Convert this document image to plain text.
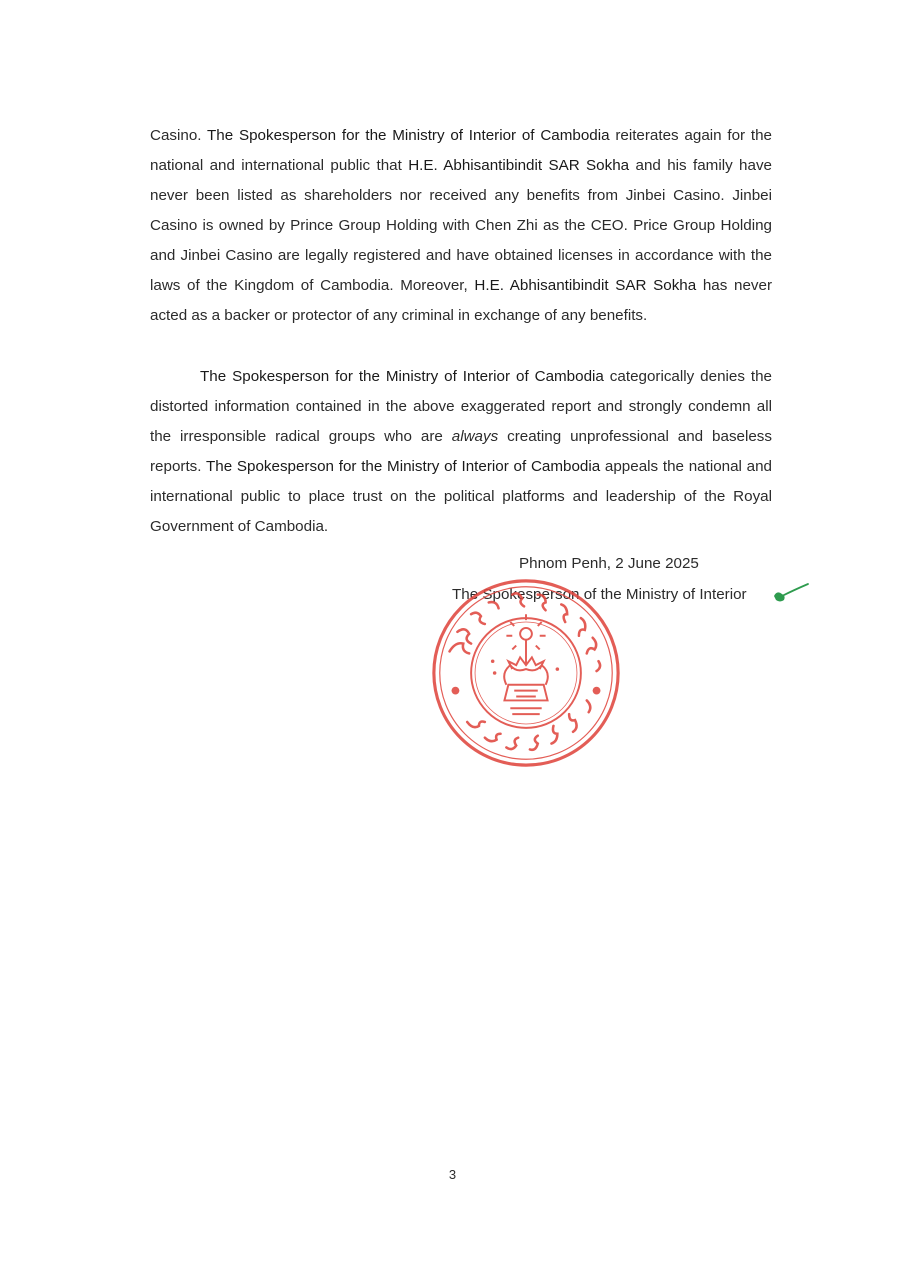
Casino. The Spokesperson for the Ministry of Interior of Cambodia reiterates again for the national and international public that H.E. Abhisantibindit SAR Sokha and his family have never been listed as shareholders nor received any benefits from Jinbei Casino. Jinbei Casino is owned by Prince Group Holding with Chen Zhi as the CEO. Price Group Holding and Jinbei Casino are legally registered and have obtained licenses in accordance with the laws of the Kingdom of Cambodia. Moreover, H.E. Abhisantibindit SAR Sokha has never acted as a backer or protector of any criminal in exchange of any benefits.

The Spokesperson for the Ministry of Interior of Cambodia categorically denies the distorted information contained in the above exaggerated report and strongly condemn all the irresponsible radical groups who are always creating unprofessional and baseless reports. The Spokesperson for the Ministry of Interior of Cambodia appeals the national and international public to place trust on the political platforms and leadership of the Royal Government of Cambodia.

Phnom Penh, 2 June 2025

The Spokesperson of the Ministry of Interior

3
